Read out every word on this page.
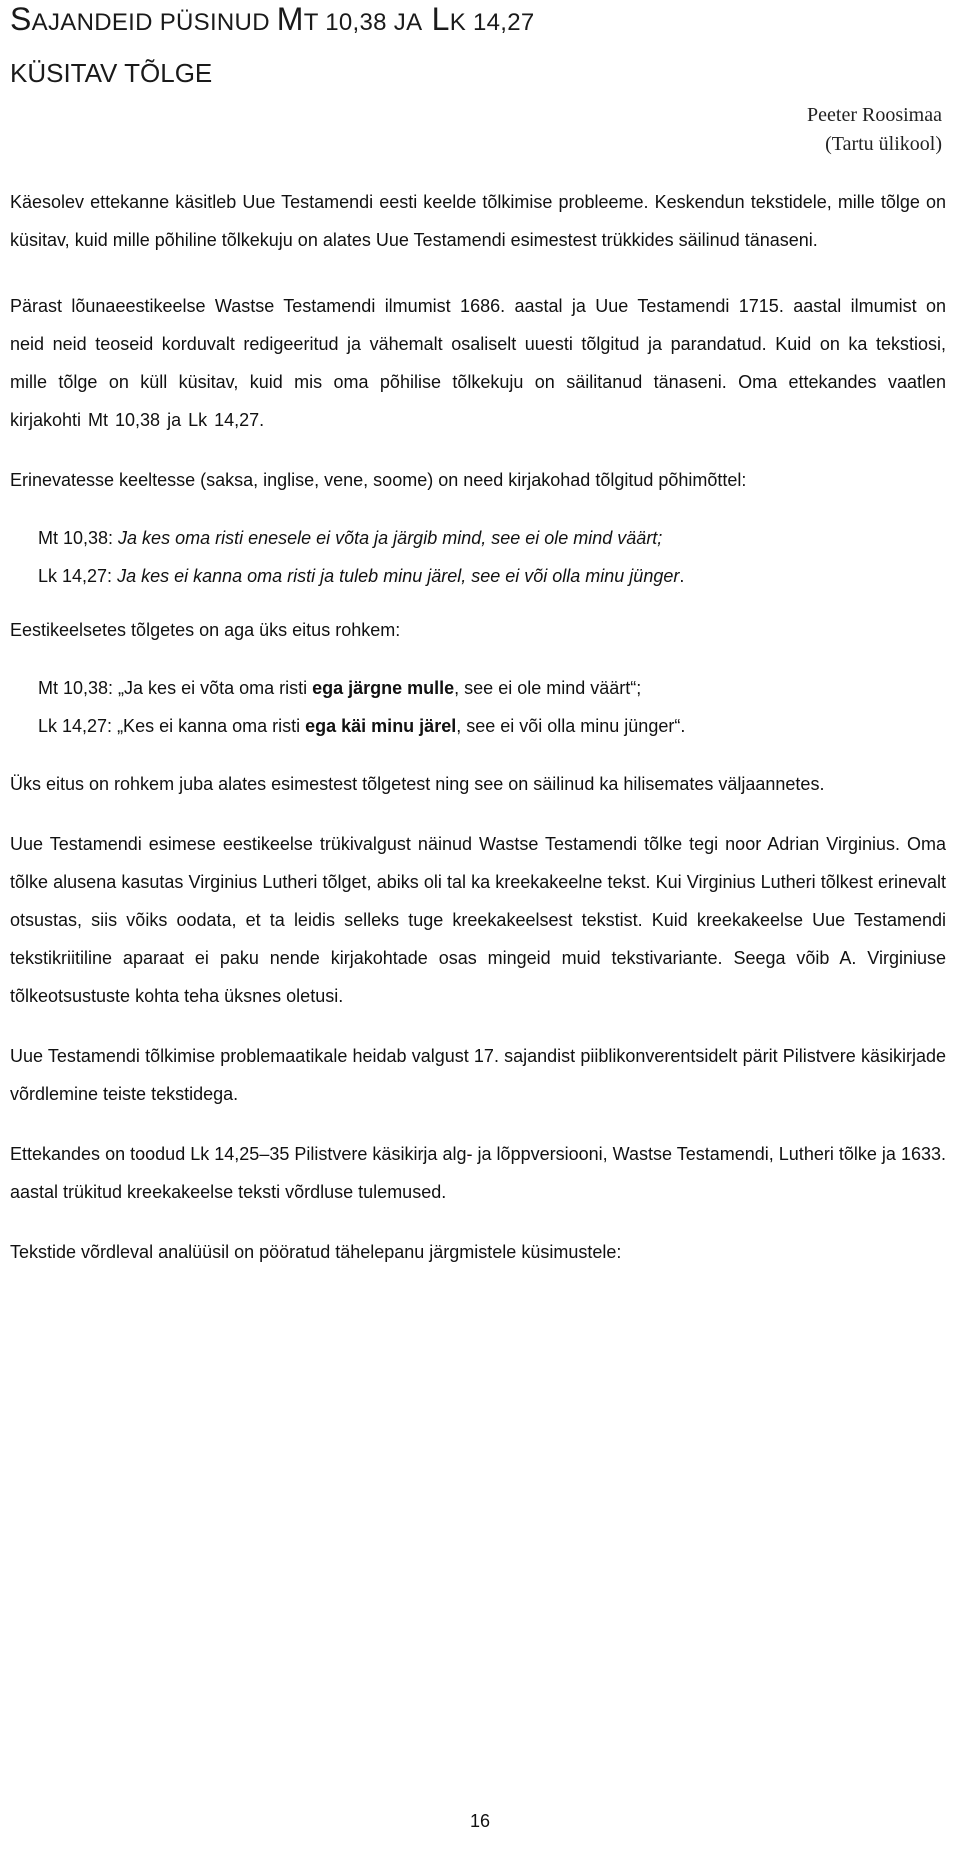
SAJANDEID PÜSINUD MT 10,38 JA LK 14,27
KÜSITAV TÕLGE
Peeter Roosimaa
(Tartu ülikool)

Käesolev ettekanne käsitleb Uue Testamendi eesti keelde tõlkimise probleeme. Keskendun tekstidele, mille tõlge on küsitav, kuid mille põhiline tõlkekuju on alates Uue Testamendi esimestest trükkides säilinud tänaseni.

Pärast lõunaeestikeelse Wastse Testamendi ilmumist 1686. aastal ja Uue Testamendi 1715. aastal ilmumist on neid neid teoseid korduvalt redigeeritud ja vähemalt osaliselt uuesti tõlgitud ja parandatud. Kuid on ka tekstiosi, mille tõlge on küll küsitav, kuid mis oma põhilise tõlkekuju on säilitanud tänaseni. Oma ettekandes vaatlen kirjakohti Mt 10,38 ja Lk 14,27.

Erinevatesse keeltesse (saksa, inglise, vene, soome) on need kirjakohad tõlgitud põhimõttel:

Mt 10,38: Ja kes oma risti enesele ei võta ja järgib mind, see ei ole mind väärt;
Lk 14,27: Ja kes ei kanna oma risti ja tuleb minu järel, see ei või olla minu jünger.

Eestikeelsetes tõlgetes on aga üks eitus rohkem:

Mt 10,38: „Ja kes ei võta oma risti ega järgne mulle, see ei ole mind väärt“;
Lk 14,27: „Kes ei kanna oma risti ega käi minu järel, see ei või olla minu jünger“.

Üks eitus on rohkem juba alates esimestest tõlgetest ning see on säilinud ka hilisemates väljaannetes.

Uue Testamendi esimese eestikeelse trükivalgust näinud Wastse Testamendi tõlke tegi noor Adrian Virginius. Oma tõlke alusena kasutas Virginius Lutheri tõlget, abiks oli tal ka kreekakeelne tekst. Kui Virginius Lutheri tõlkest erinevalt otsustas, siis võiks oodata, et ta leidis selleks tuge kreekakeelsest tekstist. Kuid kreekakeelse Uue Testamendi tekstikriitiline aparaat ei paku nende kirjakohtade osas mingeid muid tekstivariante. Seega võib A. Virginiuse tõlkeotsustuste kohta teha üksnes oletusi.

Uue Testamendi tõlkimise problemaatikale heidab valgust 17. sajandist piiblikonverentsidelt pärit Pilistvere käsikirjade võrdlemine teiste tekstidega.

Ettekandes on toodud Lk 14,25–35 Pilistvere käsikirja alg- ja lõppversiooni, Wastse Testamendi, Lutheri tõlke ja 1633. aastal trükitud kreekakeelse teksti võrdluse tulemused.

Tekstide võrdleval analüüsil on pööratud tähelepanu järgmistele küsimustele:

16
